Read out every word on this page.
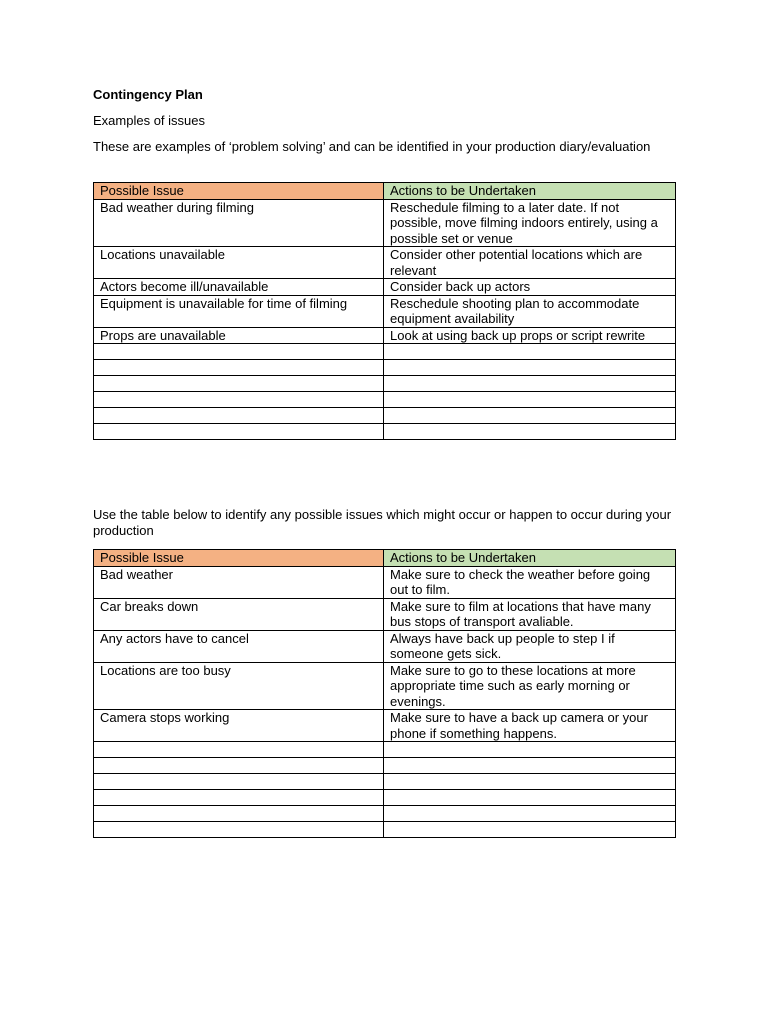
Contingency Plan
Examples of issues
These are examples of ‘problem solving’ and can be identified in your production diary/evaluation
Possible Issue	Actions to be Undertaken
Bad weather during filming	Reschedule filming to a later date. If not possible, move filming indoors entirely, using a possible set or venue
Locations unavailable	Consider other potential locations which are relevant
Actors become ill/unavailable	Consider back up actors
Equipment is unavailable for time of filming	Reschedule shooting plan to accommodate equipment availability
Props are unavailable	Look at using back up props or script rewrite

Use the table below to identify any possible issues which might occur or happen to occur during your production
Possible Issue	Actions to be Undertaken
Bad weather	Make sure to check the weather before going out to film.
Car breaks down	Make sure to film at locations that have many bus stops of transport avaliable.
Any actors have to cancel	Always have back up people to step I if someone gets sick.
Locations are too busy	Make sure to go to these locations at more appropriate time such as early morning or evenings.
Camera stops working	Make sure to have a back up camera or your phone if something happens.
